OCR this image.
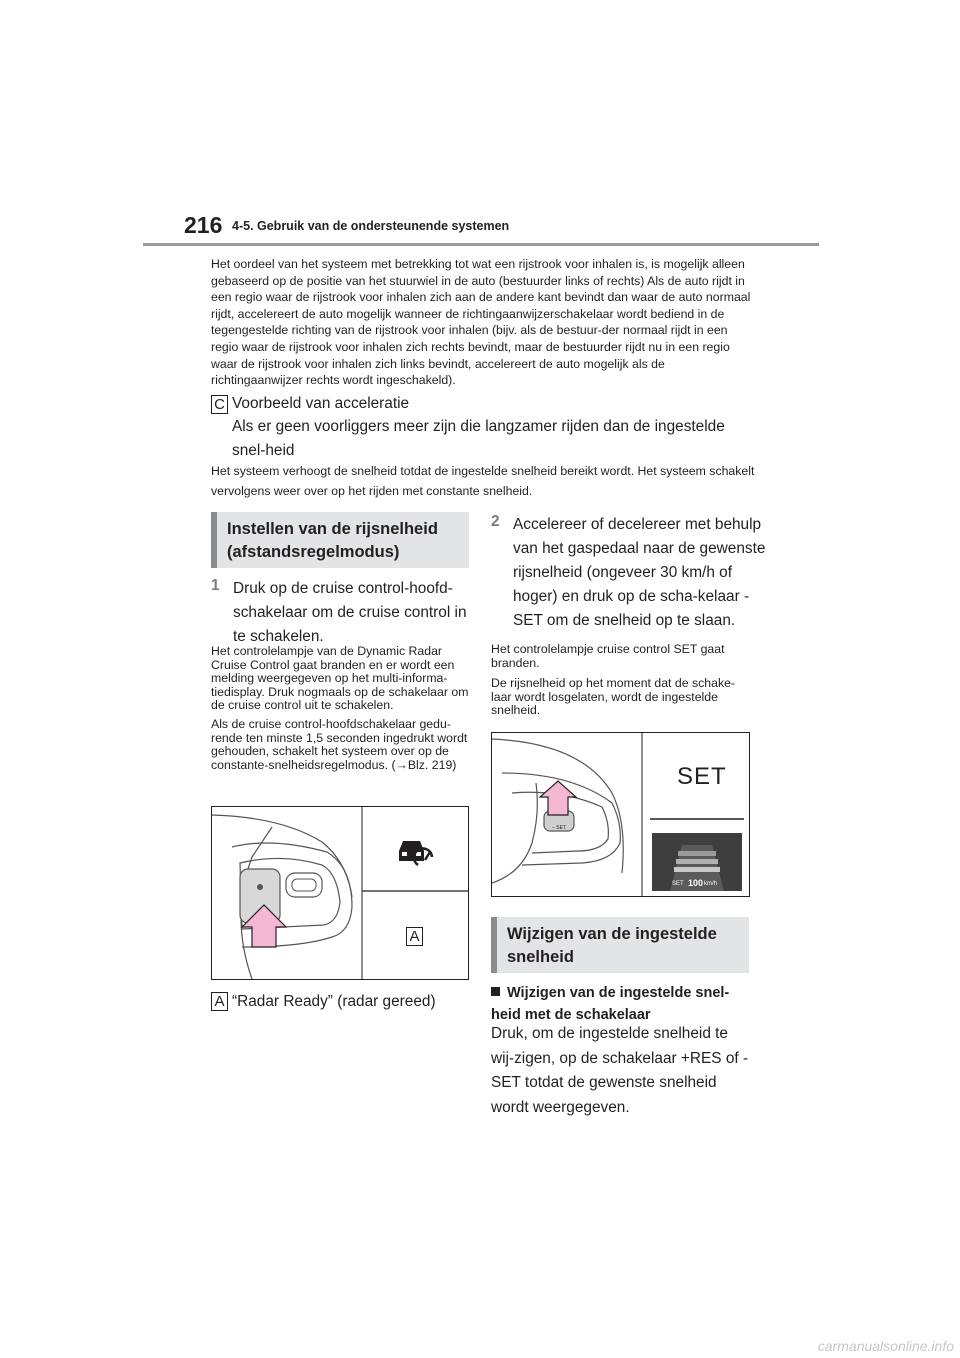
216 4-5. Gebruik van de ondersteunende systemen

Het oordeel van het systeem met betrekking tot wat een rijstrook voor inhalen is, is mogelijk alleen gebaseerd op de positie van het stuurwiel in de auto (bestuurder links of rechts) Als de auto rijdt in een regio waar de rijstrook voor inhalen zich aan de andere kant bevindt dan waar de auto normaal rijdt, accelereert de auto mogelijk wanneer de richtingaanwijzerschakelaar wordt bediend in de tegengestelde richting van de rijstrook voor inhalen (bijv. als de bestuur-der normaal rijdt in een regio waar de rijstrook voor inhalen zich rechts bevindt, maar de bestuurder rijdt nu in een regio waar de rijstrook voor inhalen zich links bevindt, accelereert de auto mogelijk als de richtingaanwijzer rechts wordt ingeschakeld).

C Voorbeeld van acceleratie
Als er geen voorliggers meer zijn die langzamer rijden dan de ingestelde snel-heid
Het systeem verhoogt de snelheid totdat de ingestelde snelheid bereikt wordt. Het systeem schakelt vervolgens weer over op het rijden met constante snelheid.
Instellen van de rijsnelheid (afstandsregelmodus)
1 Druk op de cruise control-hoofd-schakelaar om de cruise control in te schakelen.

Het controlelampje van de Dynamic Radar Cruise Control gaat branden en er wordt een melding weergegeven op het multi-informa-tiedisplay. Druk nogmaals op de schakelaar om de cruise control uit te schakelen.

Als de cruise control-hoofdschakelaar gedu-rende ten minste 1,5 seconden ingedrukt wordt gehouden, schakelt het systeem over op de constante-snelheidsregelmodus. (→Blz. 219)

A
A “Radar Ready” (radar gereed)
2 Accelereer of decelereer met behulp van het gaspedaal naar de gewenste rijsnelheid (ongeveer 30 km/h of hoger) en druk op de scha-kelaar -SET om de snelheid op te slaan.

Het controlelampje cruise control SET gaat branden.

De rijsnelheid op het moment dat de schake-laar wordt losgelaten, wordt de ingestelde snelheid.

SET
− SET
SET 100 km/h
Wijzigen van de ingestelde snelheid
Wijzigen van de ingestelde snel-heid met de schakelaar
Druk, om de ingestelde snelheid te wij-zigen, op de schakelaar +RES of -SET totdat de gewenste snelheid wordt weergegeven.
carmanualsonline.info
